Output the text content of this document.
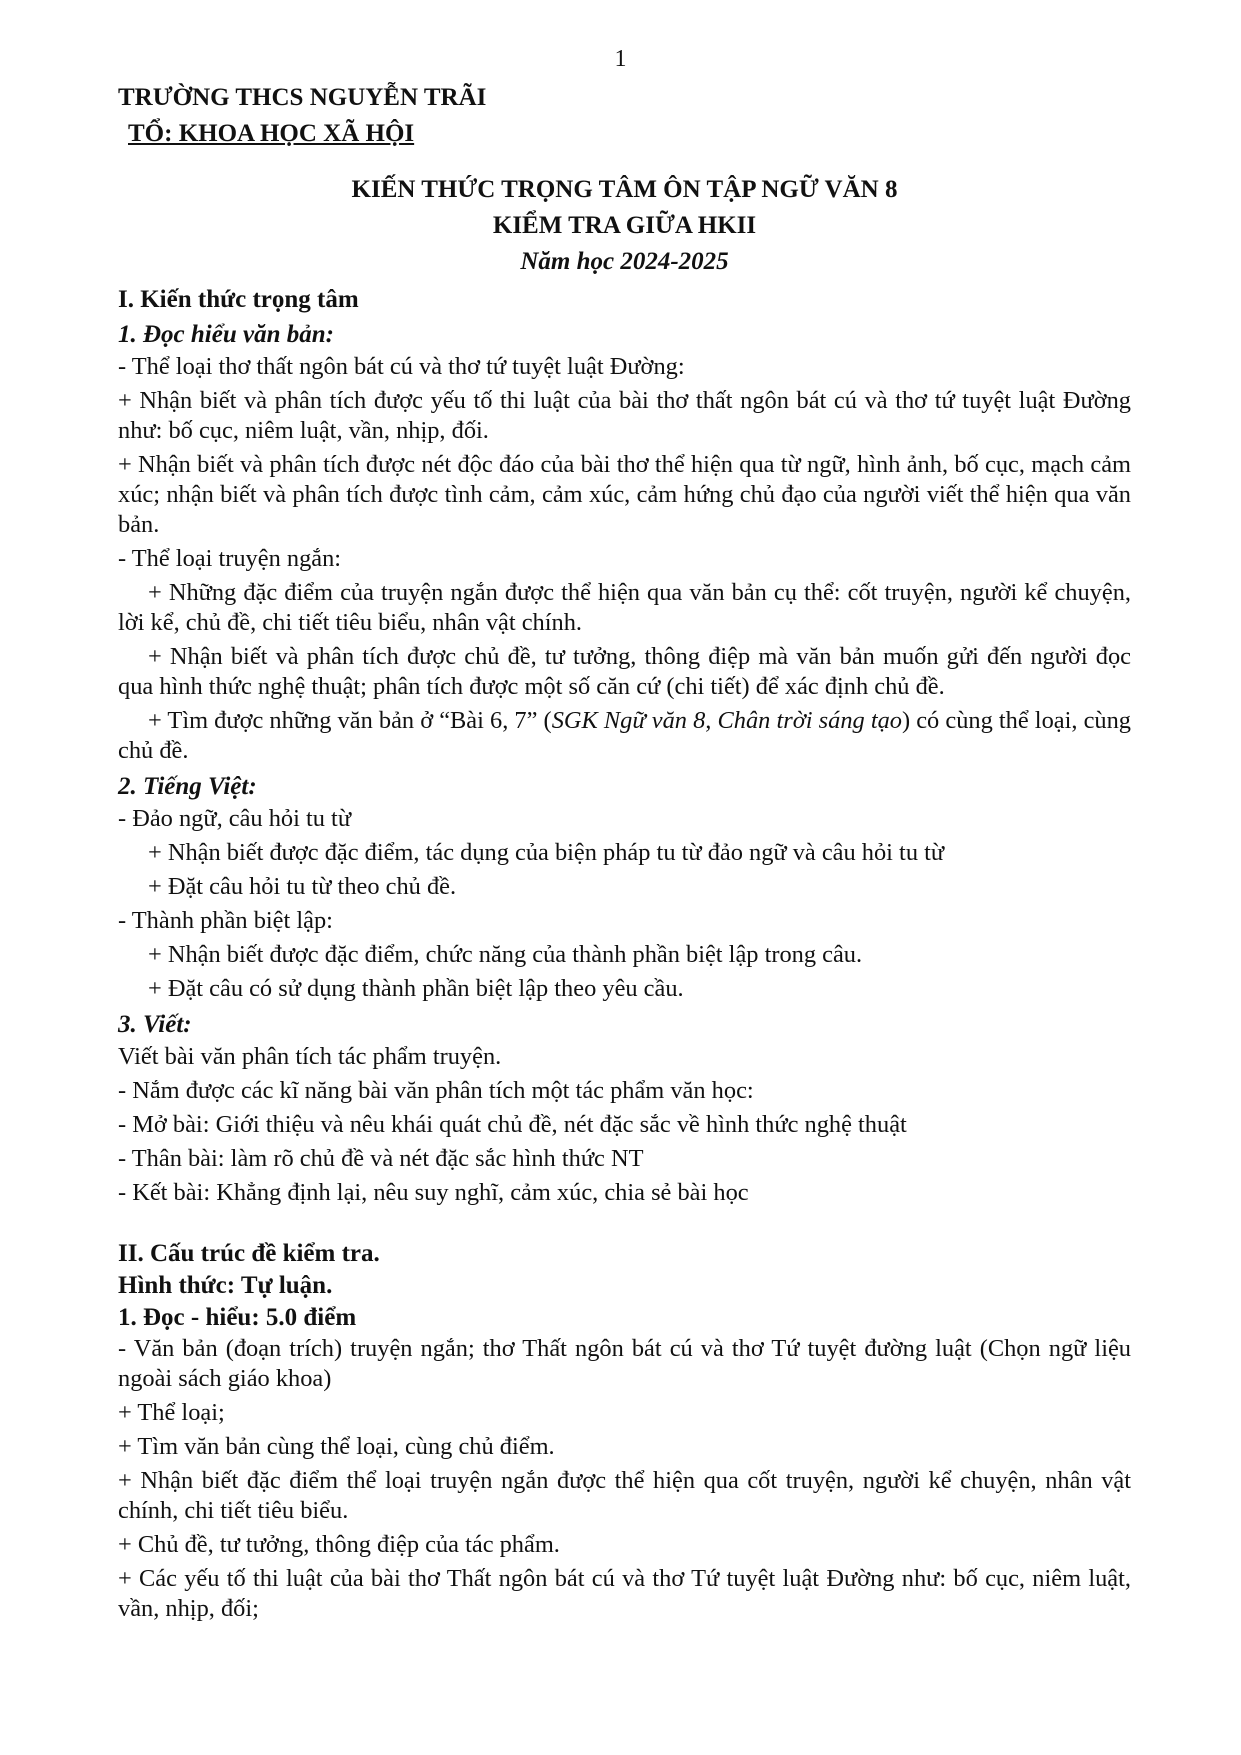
1
TRƯỜNG THCS NGUYỄN TRÃI
TỔ: KHOA HỌC XÃ HỘI
KIẾN THỨC TRỌNG TÂM ÔN TẬP NGỮ VĂN 8
KIỂM TRA GIỮA HKII
Năm học 2024-2025
I. Kiến thức trọng tâm
1. Đọc hiểu văn bản:
- Thể loại thơ thất ngôn bát cú và thơ tứ tuyệt luật Đường:
+ Nhận biết và phân tích được yếu tố thi luật của bài thơ thất ngôn bát cú và thơ tứ tuyệt luật Đường như: bố cục, niêm luật, vần, nhịp, đối.
+ Nhận biết và phân tích được nét độc đáo của bài thơ thể hiện qua từ ngữ, hình ảnh, bố cục, mạch cảm xúc; nhận biết và phân tích được tình cảm, cảm xúc, cảm hứng chủ đạo của người viết thể hiện qua văn bản.
- Thể loại truyện ngắn:
+ Những đặc điểm của truyện ngắn được thể hiện qua văn bản cụ thể: cốt truyện, người kể chuyện, lời kể, chủ đề, chi tiết tiêu biểu, nhân vật chính.
+ Nhận biết và phân tích được chủ đề, tư tưởng, thông điệp mà văn bản muốn gửi đến người đọc qua hình thức nghệ thuật; phân tích được một số căn cứ (chi tiết) để xác định chủ đề.
+ Tìm được những văn bản ở “Bài 6, 7” (SGK Ngữ văn 8, Chân trời sáng tạo) có cùng thể loại, cùng chủ đề.
2. Tiếng Việt:
- Đảo ngữ, câu hỏi tu từ
+ Nhận biết được đặc điểm, tác dụng của biện pháp tu từ đảo ngữ và câu hỏi tu từ
+ Đặt câu hỏi tu từ theo chủ đề.
- Thành phần biệt lập:
+ Nhận biết được đặc điểm, chức năng của thành phần biệt lập trong câu.
+ Đặt câu có sử dụng thành phần biệt lập theo yêu cầu.
3. Viết:
Viết bài văn phân tích tác phẩm truyện.
- Nắm được các kĩ năng bài văn phân tích một tác phẩm văn học:
- Mở bài: Giới thiệu và nêu khái quát chủ đề, nét đặc sắc về hình thức nghệ thuật
- Thân bài: làm rõ chủ đề và nét đặc sắc hình thức NT
- Kết bài: Khẳng định lại, nêu suy nghĩ, cảm xúc, chia sẻ bài học
II. Cấu trúc đề kiểm tra.
Hình thức: Tự luận.
1. Đọc - hiểu: 5.0 điểm
- Văn bản (đoạn trích) truyện ngắn; thơ Thất ngôn bát cú và thơ Tứ tuyệt đường luật (Chọn ngữ liệu ngoài sách giáo khoa)
+ Thể loại;
+ Tìm văn bản cùng thể loại, cùng chủ điểm.
+ Nhận biết đặc điểm thể loại truyện ngắn được thể hiện qua cốt truyện, người kể chuyện, nhân vật chính, chi tiết tiêu biểu.
+ Chủ đề, tư tưởng, thông điệp của tác phẩm.
+ Các yếu tố thi luật của bài thơ Thất ngôn bát cú và thơ Tứ tuyệt luật Đường như: bố cục, niêm luật, vần, nhịp, đối;
